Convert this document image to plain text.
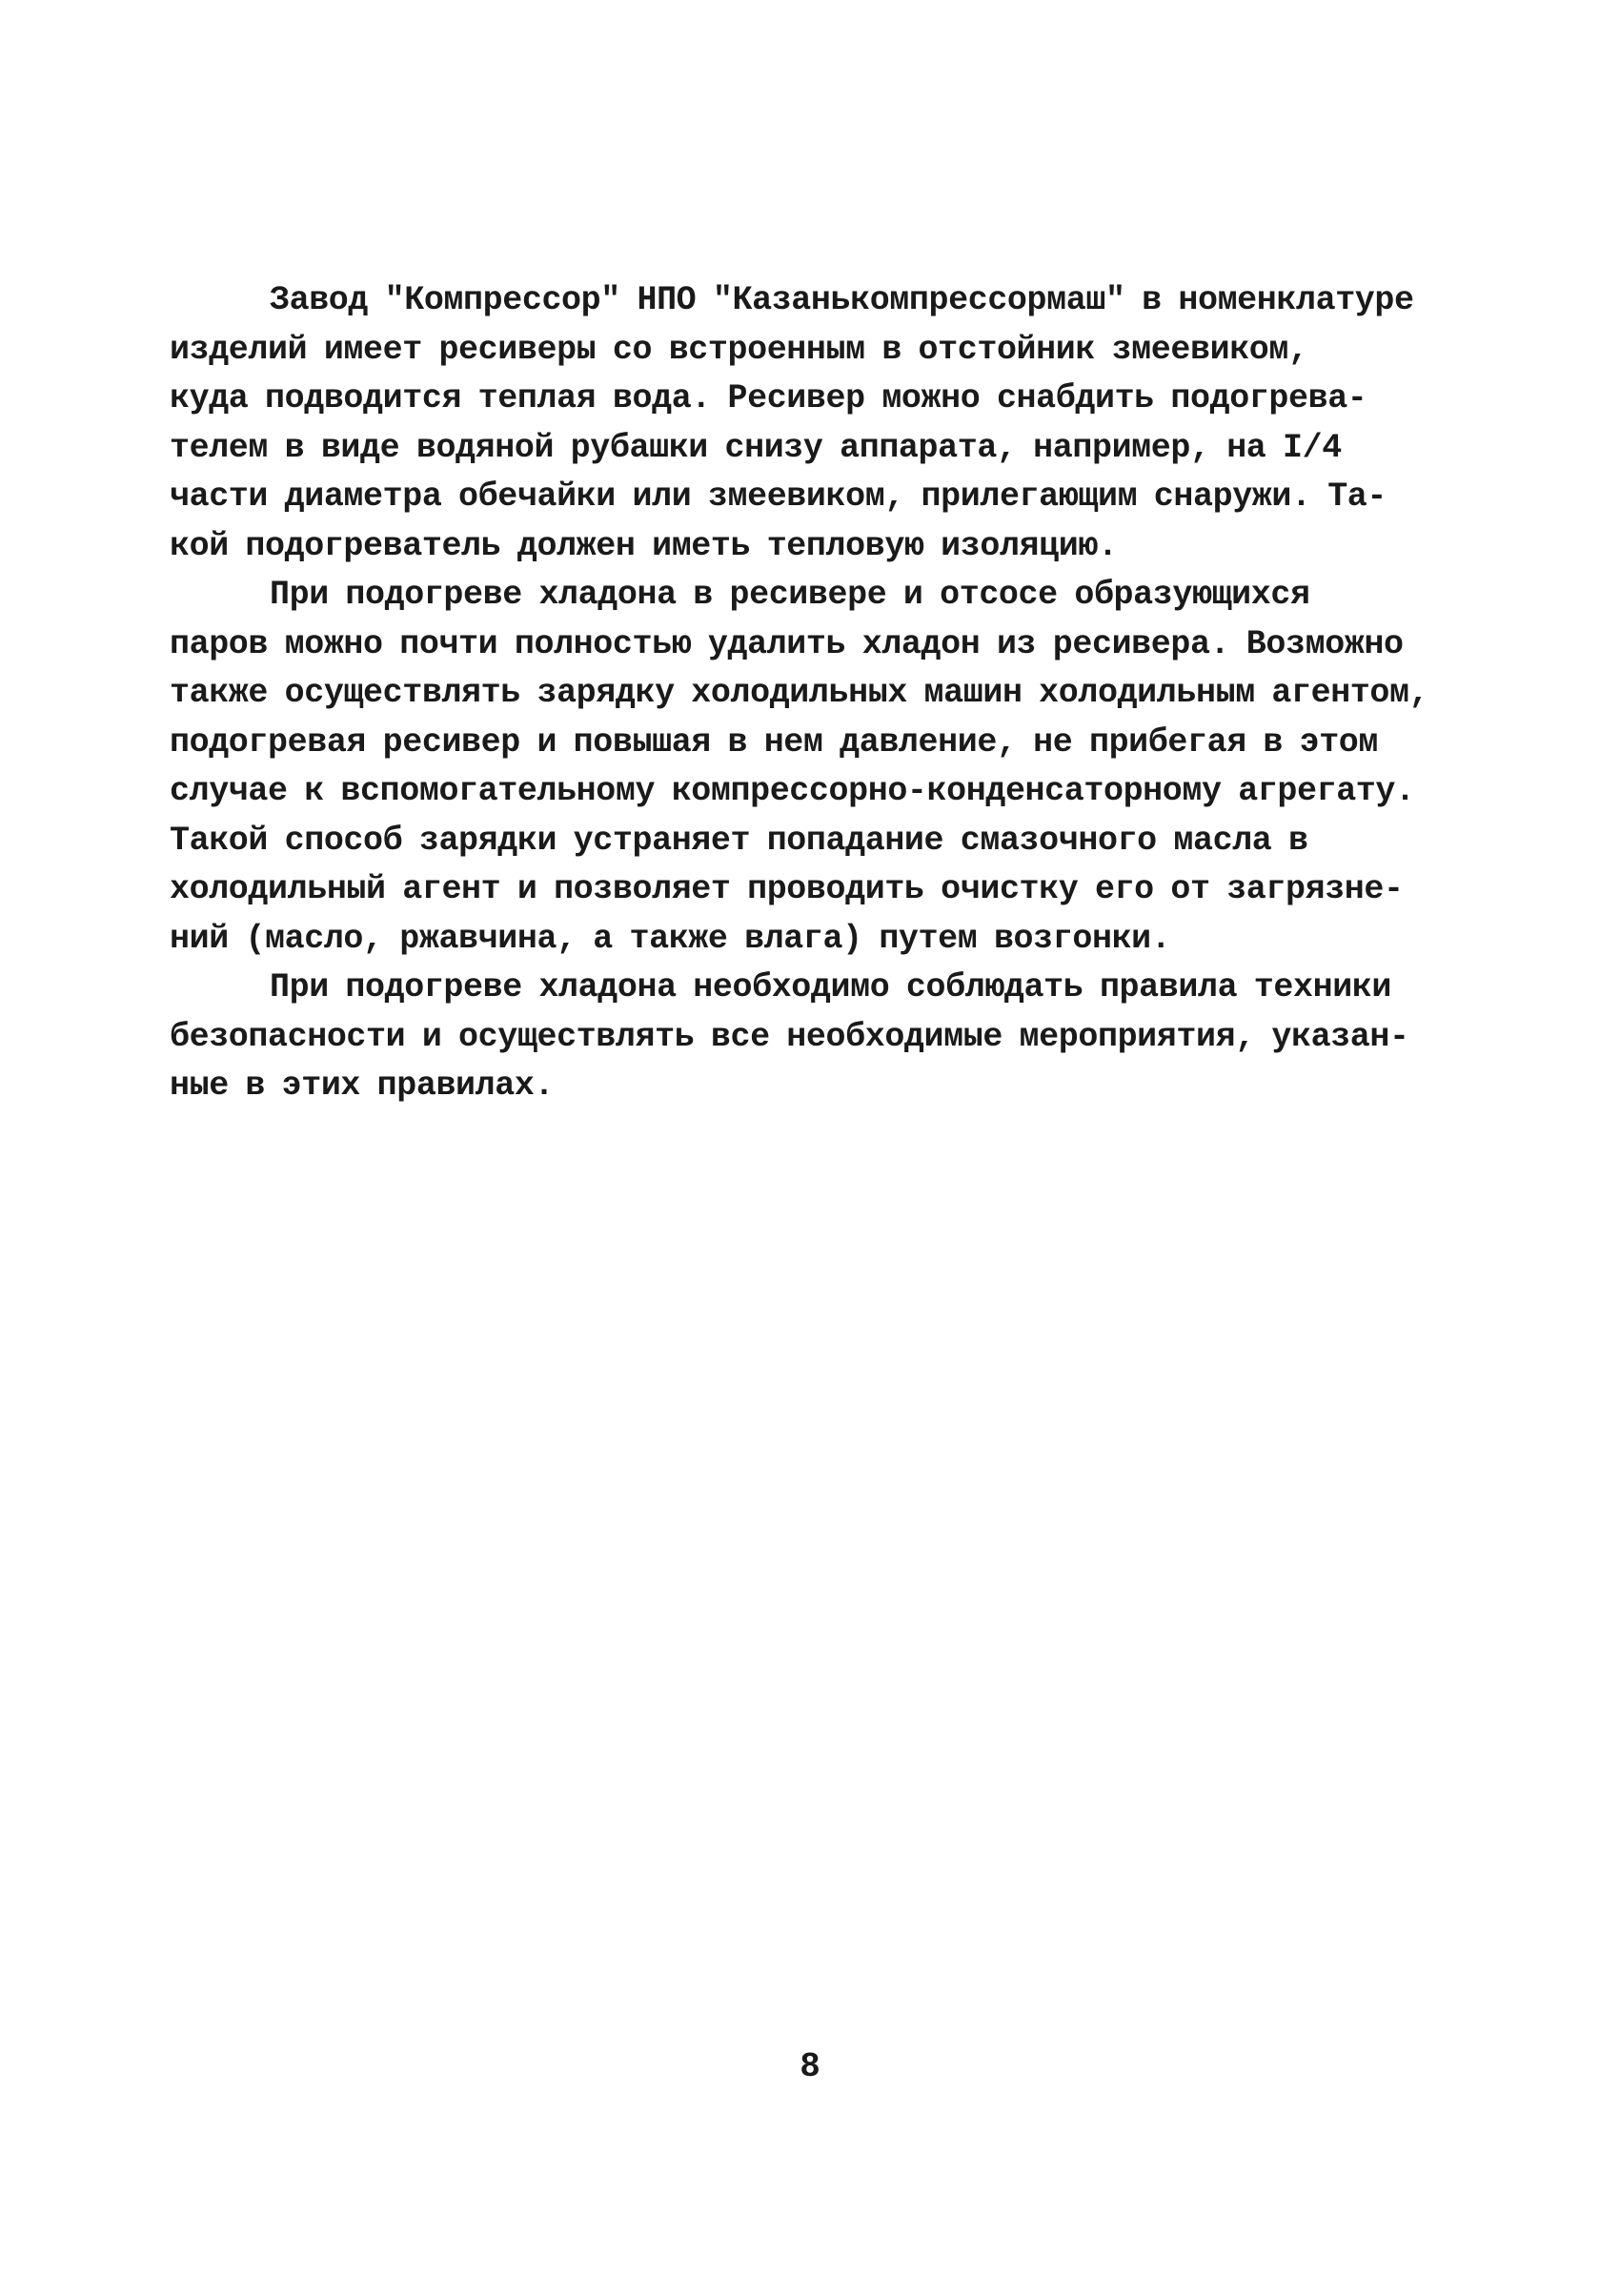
Завод "Компрессор" НПО "Казанькомпрессормаш" в номенклатуре
изделий имеет ресиверы со встроенным в отстойник змеевиком,
куда подводится теплая вода. Ресивер можно снабдить подогрева-
телем в виде водяной рубашки снизу аппарата, например, на I/4
части диаметра обечайки или змеевиком, прилегающим снаружи. Та-
кой подогреватель должен иметь тепловую изоляцию.
При подогреве хладона в ресивере и отсосе образующихся
паров можно почти полностью удалить хладон из ресивера. Возможно
также осуществлять зарядку холодильных машин холодильным агентом,
подогревая ресивер и повышая в нем давление, не прибегая в этом
случае к вспомогательному компрессорно-конденсаторному агрегату.
Такой способ зарядки устраняет попадание смазочного масла в
холодильный агент и позволяет проводить очистку его от загрязне-
ний (масло, ржавчина, а также влага) путем возгонки.
При подогреве хладона необходимо соблюдать правила техники
безопасности и осуществлять все необходимые мероприятия, указан-
ные в этих правилах.
8
